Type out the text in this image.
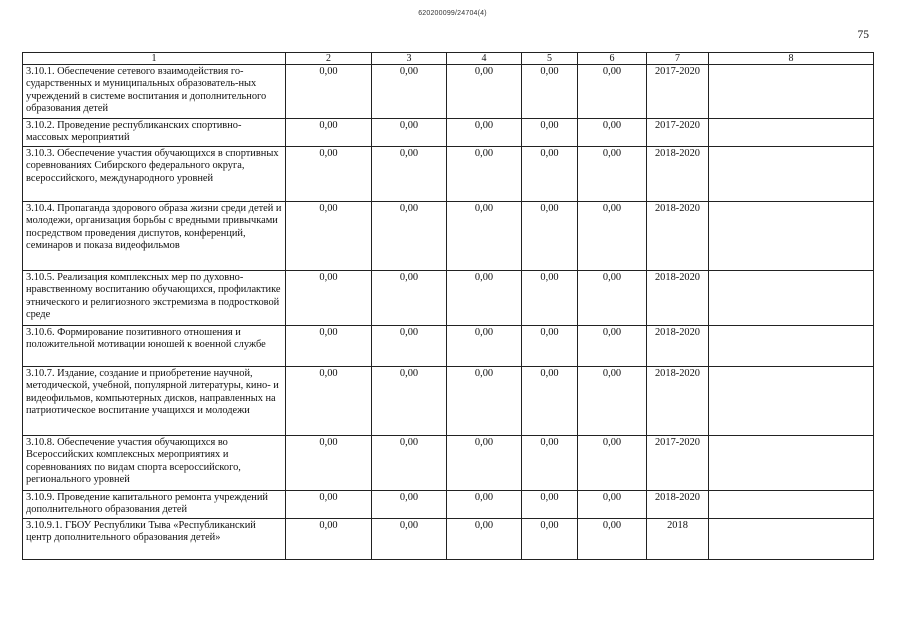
620200099/24704(4)
75
1	2	3	4	5	6	7	8
3.10.1. Обеспечение сетевого взаимодействия го-сударственных и муниципальных образователь-ных учреждений в системе воспитания и дополнительного образования детей	0,00	0,00	0,00	0,00	0,00	2017-2020	
3.10.2. Проведение республиканских спортивно-массовых мероприятий	0,00	0,00	0,00	0,00	0,00	2017-2020	
3.10.3. Обеспечение участия обучающихся в спортивных соревнованиях Сибирского федерального округа, всероссийского, международного уровней	0,00	0,00	0,00	0,00	0,00	2018-2020	
3.10.4. Пропаганда здорового образа жизни среди детей и молодежи, организация борьбы с вредными привычками посредством проведения диспутов, конференций, семинаров и показа видеофильмов	0,00	0,00	0,00	0,00	0,00	2018-2020	
3.10.5. Реализация комплексных мер по духовно-нравственному воспитанию обучающихся, профилактике этнического и религиозного экстремизма в подростковой среде	0,00	0,00	0,00	0,00	0,00	2018-2020	
3.10.6. Формирование позитивного отношения и положительной мотивации юношей к военной службе	0,00	0,00	0,00	0,00	0,00	2018-2020	
3.10.7. Издание, создание и приобретение научной, методической, учебной, популярной литературы, кино- и видеофильмов, компьютерных дисков, направленных на патриотическое воспитание учащихся и молодежи	0,00	0,00	0,00	0,00	0,00	2018-2020	
3.10.8. Обеспечение участия обучающихся во Всероссийских комплексных мероприятиях и соревнованиях по видам спорта всероссийского, регионального уровней	0,00	0,00	0,00	0,00	0,00	2017-2020	
3.10.9. Проведение капитального ремонта учреждений дополнительного образования детей	0,00	0,00	0,00	0,00	0,00	2018-2020	
3.10.9.1. ГБОУ Республики Тыва «Республиканский центр дополнительного образования детей»	0,00	0,00	0,00	0,00	0,00	2018	
